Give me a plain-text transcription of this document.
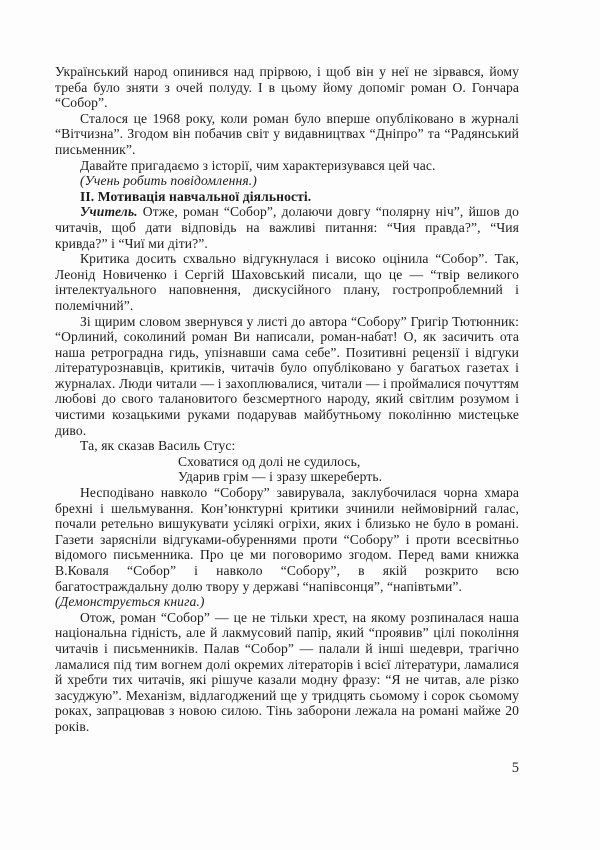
Український народ опинився над прірвою, і щоб він у неї не зірвався, йому треба було зняти з очей полуду. І в цьому йому допоміг роман О. Гончара “Собор”.

Сталося це 1968 року, коли роман було вперше опубліковано в журналі “Вітчизна”. Згодом він побачив світ у видавництвах “Дніпро” та “Радянський письменник”.

Давайте пригадаємо з історії, чим характеризувався цей час.

(Учень робить повідомлення.)

ІІ. Мотивація навчальної діяльності.

Учитель. Отже, роман “Собор”, долаючи довгу “полярну ніч”, йшов до читачів, щоб дати відповідь на важливі питання: “Чия правда?”, “Чия кривда?” і “Чиї ми діти?”.

Критика досить схвально відгукнулася і високо оцінила “Собор”. Так, Леонід Новиченко і Сергій Шаховський писали, що це — “твір великого інтелектуального наповнення, дискусійного плану, гостропроблемний і полемічний”.

Зі щирим словом звернувся у листі до автора “Собору” Григір Тютюнник: “Орлиний, соколиний роман Ви написали, роман-набат! О, як засичить ота наша ретроградна гидь, упізнавши сама себе”. Позитивні рецензії і відгуки літературознавців, критиків, читачів було опубліковано у багатьох газетах і журналах. Люди читали — і захоплювалися, читали — і проймалися почуттям любові до свого талановитого безсмертного народу, який світлим розумом і чистими козацькими руками подарував майбутньому поколінню мистецьке диво.

Та, як сказав Василь Стус:

Сховатися од долі не судилось,

Ударив грім — і зразу шкереберть.

Несподівано навколо “Собору” завирувала, заклубочилася чорна хмара брехні і шельмування. Кон’юнктурні критики зчинили неймовірний галас, почали ретельно вишукувати усілякі огріхи, яких і близько не було в романі. Газети зарясніли відгуками-обуреннями проти “Собору” і проти всесвітньо відомого письменника. Про це ми поговоримо згодом. Перед вами книжка В.Коваля “Собор” і навколо “Собору”, в якій розкрито всю багатостраждальну долю твору у державі “напівсонця”, “напівтьми”.

(Демонструється книга.)

Отож, роман “Собор” — це не тільки хрест, на якому розпиналася наша національна гідність, але й лакмусовий папір, який “проявив” цілі покоління читачів і письменників. Палав “Собор” — палали й інші шедеври, трагічно ламалися під тим вогнем долі окремих літераторів і всієї літератури, ламалися й хребти тих читачів, які рішуче казали модну фразу: “Я не читав, але різко засуджую”. Механізм, відлагоджений ще у тридцять сьомому і сорок сьомому роках, запрацював з новою силою. Тінь заборони лежала на романі майже 20 років.

5
